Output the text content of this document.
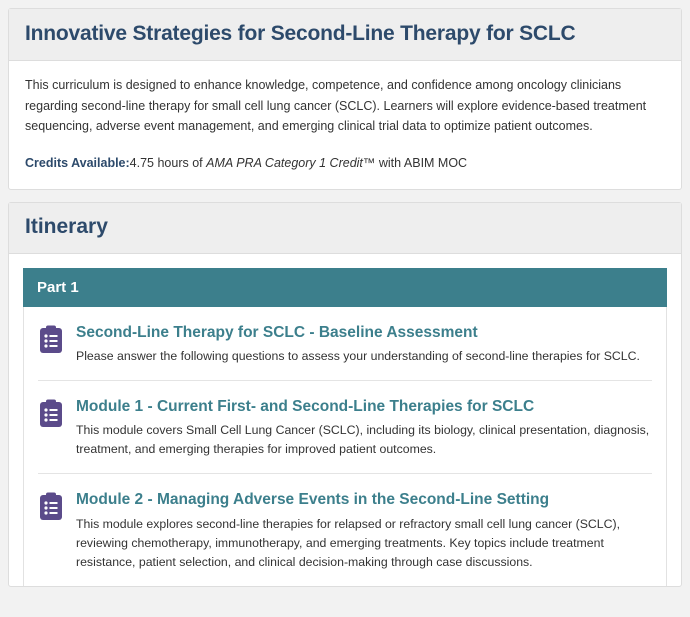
Innovative Strategies for Second-Line Therapy for SCLC

This curriculum is designed to enhance knowledge, competence, and confidence among oncology clinicians regarding second-line therapy for small cell lung cancer (SCLC). Learners will explore evidence-based treatment sequencing, adverse event management, and emerging clinical trial data to optimize patient outcomes.

Credits Available:4.75 hours of AMA PRA Category 1 Credit™ with ABIM MOC
Itinerary
Part 1
Second-Line Therapy for SCLC - Baseline Assessment
Please answer the following questions to assess your understanding of second-line therapies for SCLC.
Module 1 - Current First- and Second-Line Therapies for SCLC
This module covers Small Cell Lung Cancer (SCLC), including its biology, clinical presentation, diagnosis, treatment, and emerging therapies for improved patient outcomes.
Module 2 - Managing Adverse Events in the Second-Line Setting
This module explores second-line therapies for relapsed or refractory small cell lung cancer (SCLC), reviewing chemotherapy, immunotherapy, and emerging treatments. Key topics include treatment resistance, patient selection, and clinical decision-making through case discussions.
